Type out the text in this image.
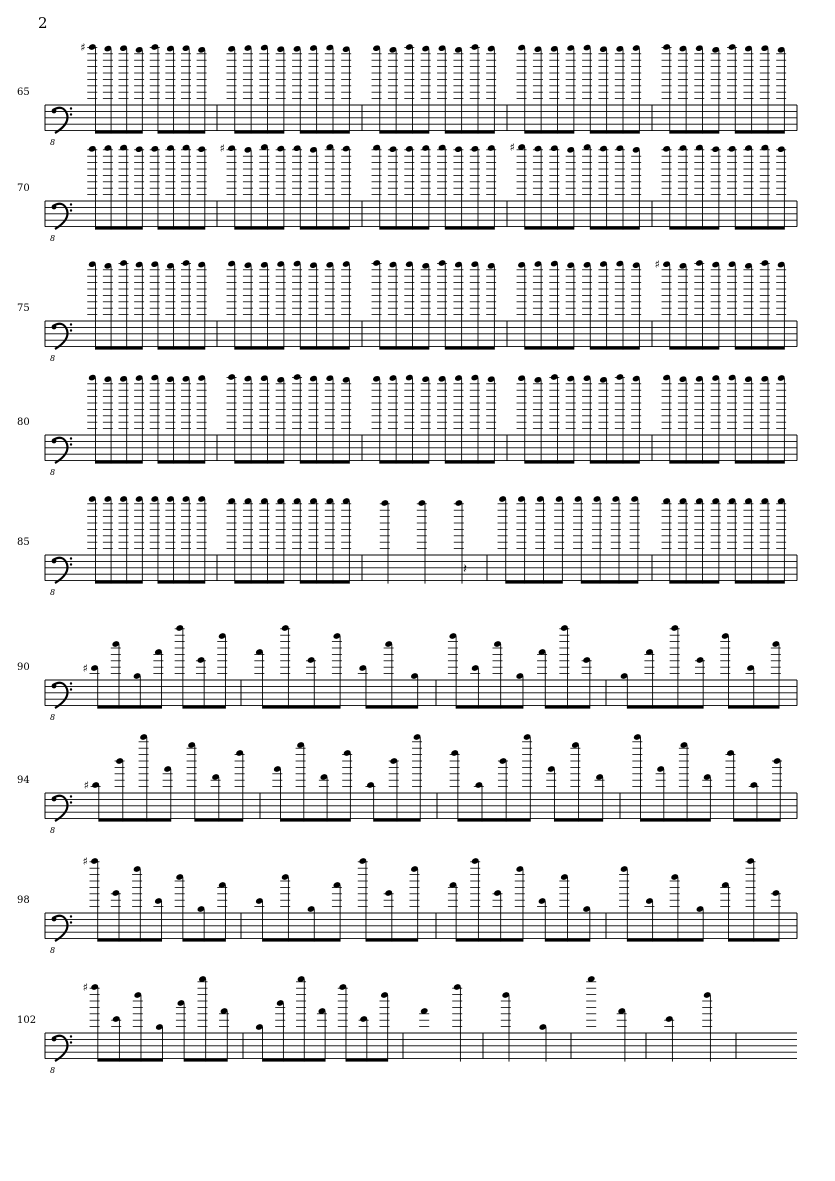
2
65
8
♯
70
8
♯	♯
75
8
♯
80
8
85
8
𝄽
90
8
♯
94
8
♯
98
8
♯
102
8
♯
